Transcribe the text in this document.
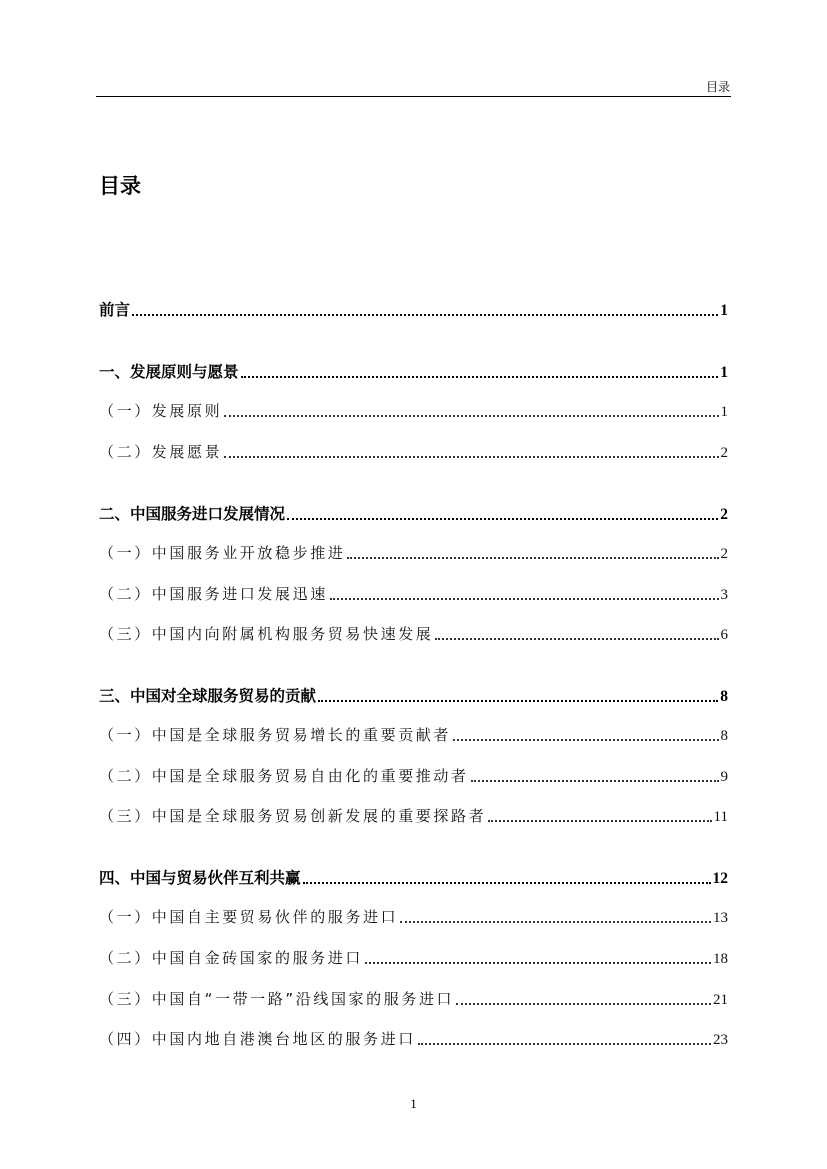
目录
目录
前言	1
一、发展原则与愿景	1
（一）发展原则	1
（二）发展愿景	2
二、中国服务进口发展情况	2
（一）中国服务业开放稳步推进	2
（二）中国服务进口发展迅速	3
（三）中国内向附属机构服务贸易快速发展	6
三、中国对全球服务贸易的贡献	8
（一）中国是全球服务贸易增长的重要贡献者	8
（二）中国是全球服务贸易自由化的重要推动者	9
（三）中国是全球服务贸易创新发展的重要探路者	11
四、中国与贸易伙伴互利共赢	12
（一）中国自主要贸易伙伴的服务进口	13
（二）中国自金砖国家的服务进口	18
（三）中国自“一带一路”沿线国家的服务进口	21
（四）中国内地自港澳台地区的服务进口	23
1
